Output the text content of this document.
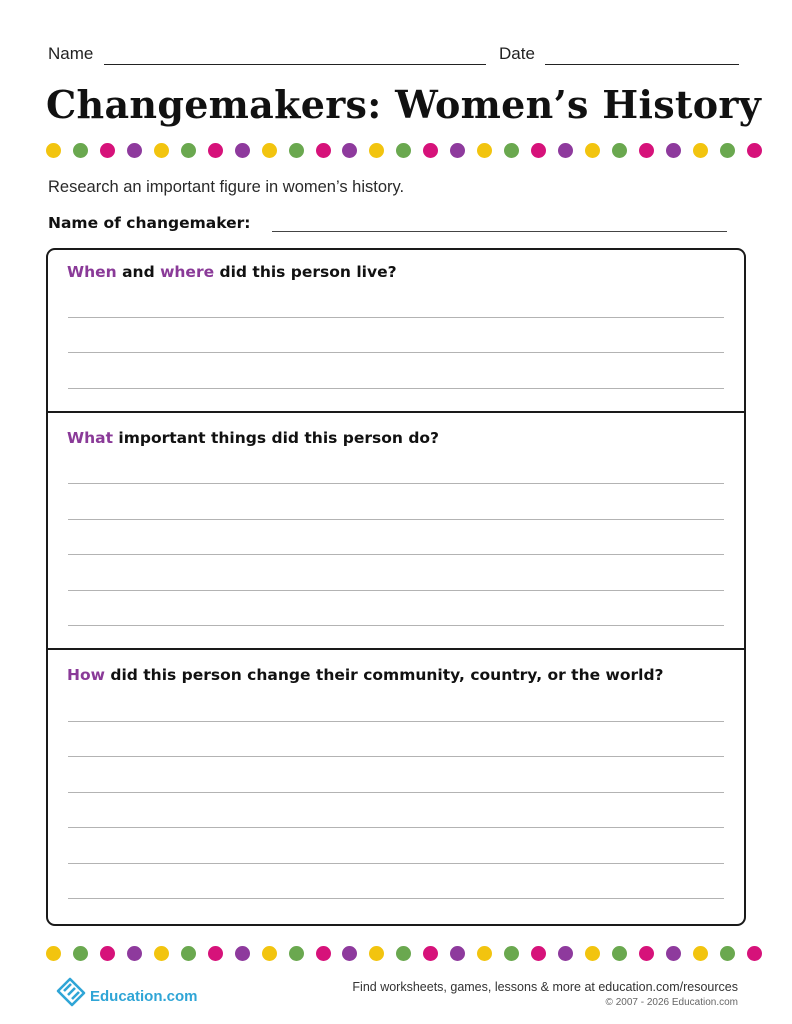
Name	Date
Changemakers: Women’s History
Research an important figure in women’s history.
Name of changemaker:

When and where did this person live?

What important things did this person do?

How did this person change their community, country, or the world?

Education.com
Find worksheets, games, lessons & more at education.com/resources
© 2007 - 2026 Education.com
